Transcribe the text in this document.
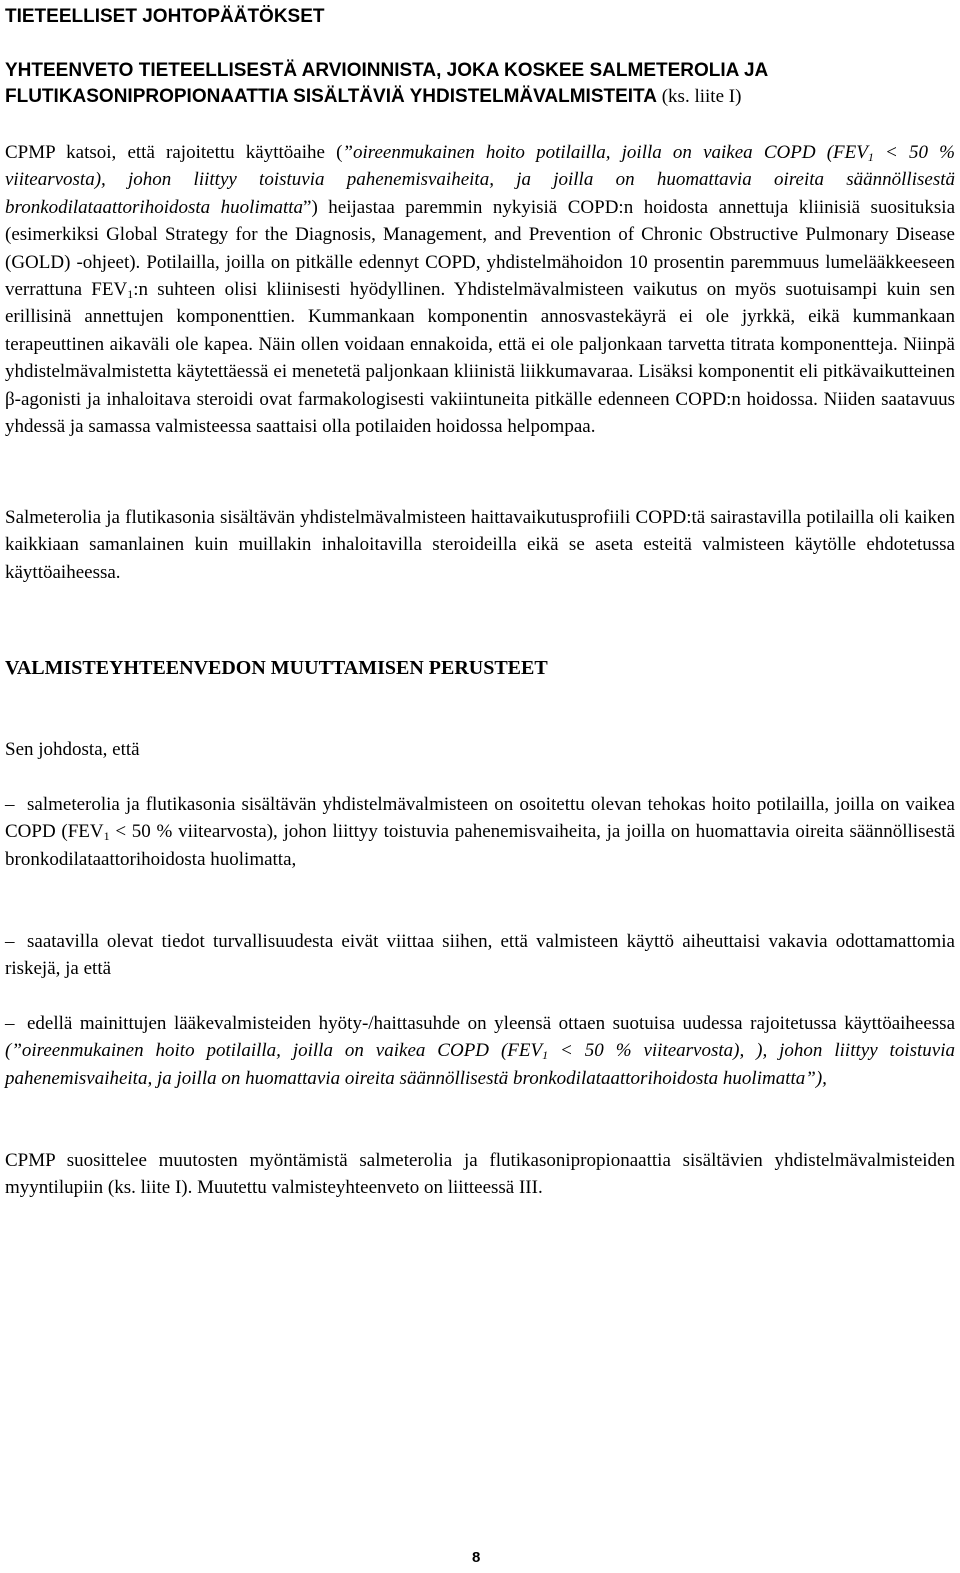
TIETEELLISET JOHTOPÄÄTÖKSET
YHTEENVETO TIETEELLISESTÄ ARVIOINNISTA, JOKA KOSKEE SALMETEROLIA JA FLUTIKASONIPROPIONAATTIA SISÄLTÄVIÄ YHDISTELMÄVALMISTEITA (ks. liite I)

CPMP katsoi, että rajoitettu käyttöaihe (”oireenmukainen hoito potilailla, joilla on vaikea COPD ($FEV_1 < 50$ % viitearvosta), johon liittyy toistuvia pahenemisvaiheita, ja joilla on huomattavia oireita säännöllisestä bronkodilataattorihoidosta huolimatta”) heijastaa paremmin nykyisiä COPD:n hoidosta annettuja kliinisiä suosituksia (esimerkiksi Global Strategy for the Diagnosis, Management, and Prevention of Chronic Obstructive Pulmonary Disease (GOLD) -ohjeet). Potilailla, joilla on pitkälle edennyt COPD, yhdistelmähoidon 10 prosentin paremmuus lumelääkkeeseen verrattuna $FEV_1:n$ suhteen olisi kliinisesti hyödyllinen. Yhdistelmävalmisteen vaikutus on myös suotuisampi kuin sen erillisinä annettujen komponenttien. Kummankaan komponentin annosvastekäyrä ei ole jyrkkä, eikä kummankaan terapeuttinen aikaväli ole kapea. Näin ollen voidaan ennakoida, että ei ole paljonkaan tarvetta titrata komponentteja. Niinpä yhdistelmävalmistetta käytettäessä ei menetetä paljonkaan kliinistä liikkumavaraa. Lisäksi komponentit eli pitkävaikutteinen β-agonisti ja inhaloitava steroidi ovat farmakologisesti vakiintuneita pitkälle edenneen COPD:n hoidossa. Niiden saatavuus yhdessä ja samassa valmisteessa saattaisi olla potilaiden hoidossa helpompaa.

Salmeterolia ja flutikasonia sisältävän yhdistelmävalmisteen haittavaikutusprofiili COPD:tä sairastavilla potilailla oli kaiken kaikkiaan samanlainen kuin muillakin inhaloitavilla steroideilla eikä se aseta esteitä valmisteen käytölle ehdotetussa käyttöaiheessa.

VALMISTEYHTEENVEDON MUUTTAMISEN PERUSTEET

Sen johdosta, että

– salmeterolia ja flutikasonia sisältävän yhdistelmävalmisteen on osoitettu olevan tehokas hoito potilailla, joilla on vaikea COPD ($FEV_1 < 50$ % viitearvosta), johon liittyy toistuvia pahenemisvaiheita, ja joilla on huomattavia oireita säännöllisestä bronkodilataattorihoidosta huolimatta,

– saatavilla olevat tiedot turvallisuudesta eivät viittaa siihen, että valmisteen käyttö aiheuttaisi vakavia odottamattomia riskejä, ja että

– edellä mainittujen lääkevalmisteiden hyöty-/haittasuhde on yleensä ottaen suotuisa uudessa rajoitetussa käyttöaiheessa (”oireenmukainen hoito potilailla, joilla on vaikea COPD ($FEV_1 < 50$ % viitearvosta), ), johon liittyy toistuvia pahenemisvaiheita, ja joilla on huomattavia oireita säännöllisestä bronkodilataattorihoidosta huolimatta”),

CPMP suosittelee muutosten myöntämistä salmeterolia ja flutikasonipropionaattia sisältävien yhdistelmävalmisteiden myyntilupiin (ks. liite I). Muutettu valmisteyhteenveto on liitteessä III.

8
